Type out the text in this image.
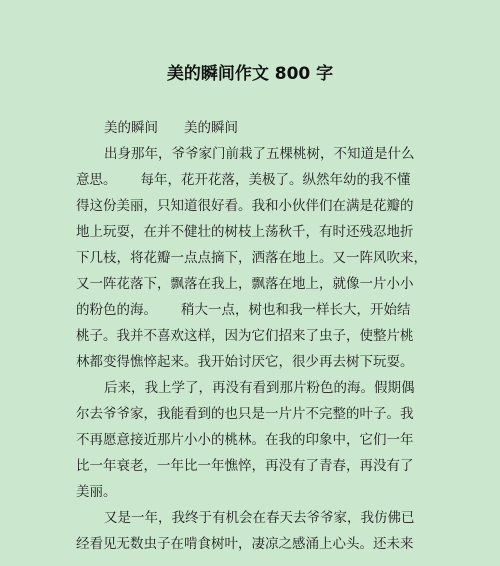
美的瞬间作文 800 字
美的瞬间 美的瞬间
出身那年，爷爷家门前栽了五棵桃树，不知道是什么
意思。 每年，花开花落，美极了。纵然年幼的我不懂
得这份美丽，只知道很好看。我和小伙伴们在满是花瓣的
地上玩耍，在并不健壮的树枝上荡秋千，有时还残忍地折
下几枝，将花瓣一点点摘下，洒落在地上。又一阵风吹来，
又一阵花落下，飘落在我上，飘落在地上，就像一片小小
的粉色的海。 稍大一点，树也和我一样长大，开始结
桃子。我并不喜欢这样，因为它们招来了虫子，使整片桃
林都变得憔悴起来。我开始讨厌它，很少再去树下玩耍。
后来，我上学了，再没有看到那片粉色的海。假期偶
尔去爷爷家，我能看到的也只是一片片不完整的叶子。我
不再愿意接近那片小小的桃林。在我的印象中，它们一年
比一年衰老，一年比一年憔悴，再没有了青春，再没有了
美丽。
又是一年，我终于有机会在春天去爷爷家，我仿佛已
经看见无数虫子在啃食树叶，凄凉之感涌上心头。还未来
